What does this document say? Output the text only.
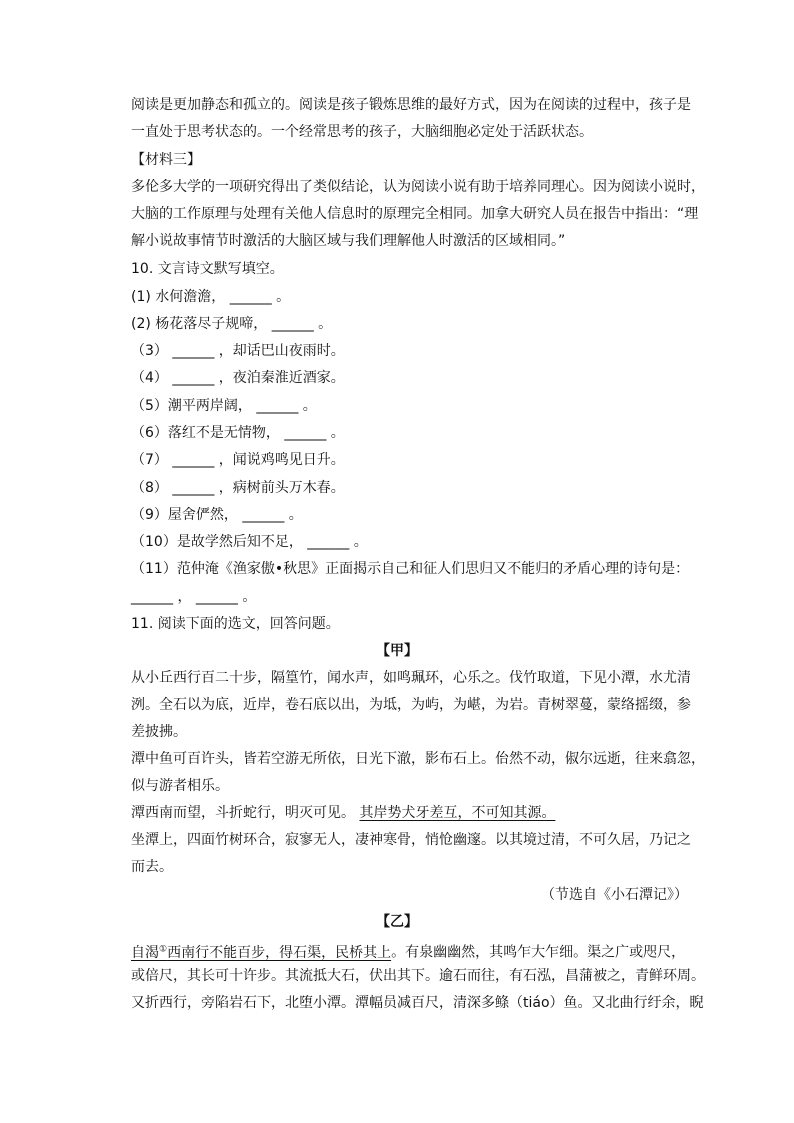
阅读是更加静态和孤立的。阅读是孩子锻炼思维的最好方式，因为在阅读的过程中，孩子是
一直处于思考状态的。一个经常思考的孩子，大脑细胞必定处于活跃状态。
【材料三】
多伦多大学的一项研究得出了类似结论，认为阅读小说有助于培养同理心。因为阅读小说时，
大脑的工作原理与处理有关他人信息时的原理完全相同。加拿大研究人员在报告中指出：“理
解小说故事情节时激活的大脑区域与我们理解他人时激活的区域相同。”
10. 文言诗文默写填空。
(1) 水何澹澹， ______ 。
(2) 杨花落尽子规啼， ______ 。
（3） ______ ，却话巴山夜雨时。
（4） ______ ，夜泊秦淮近酒家。
（5）潮平两岸阔， ______ 。
（6）落红不是无情物， ______ 。
（7） ______ ，闻说鸡鸣见日升。
（8） ______ ，病树前头万木春。
（9）屋舍俨然， ______ 。
（10）是故学然后知不足， ______ 。
（11）范仲淹《渔家傲•秋思》正面揭示自己和征人们思归又不能归的矛盾心理的诗句是：
______ ， ______ 。
11. 阅读下面的选文，回答问题。
【甲】
从小丘西行百二十步，隔篁竹，闻水声，如鸣珮环，心乐之。伐竹取道，下见小潭，水尤清
洌。全石以为底，近岸，卷石底以出，为坻，为屿，为嵁，为岩。青树翠蔓，蒙络摇缀，参
差披拂。
潭中鱼可百许头，皆若空游无所依，日光下澈，影布石上。佁然不动，俶尔远逝，往来翕忽，
似与游者相乐。
潭西南而望，斗折蛇行，明灭可见。 其岸势犬牙差互，不可知其源。
坐潭上，四面竹树环合，寂寥无人，凄神寒骨，悄怆幽邃。以其境过清，不可久居，乃记之
而去。
（节选自《小石潭记》）
【乙】
自渴①西南行不能百步，得石渠，民桥其上。有泉幽幽然，其鸣乍大乍细。渠之广或咫尺，
或倍尺，其长可十许步。其流抵大石，伏出其下。逾石而往，有石泓，昌蒲被之，青鲜环周。
又折西行，旁陷岩石下，北堕小潭。潭幅员减百尺，清深多鲦（tiáo）鱼。又北曲行纡余，睨
